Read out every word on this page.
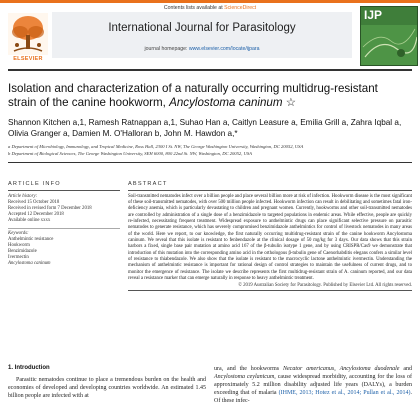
Contents lists available at ScienceDirect
ELSEVIER
International Journal for Parasitology
journal homepage: www.elsevier.com/locate/ijpara
IJP
Isolation and characterization of a naturally occurring multidrug-resistant strain of the canine hookworm, Ancylostoma caninum ☆
Shannon Kitchen a,1, Ramesh Ratnappan a,1, Suhao Han a, Caitlyn Leasure a, Emilia Grill a, Zahra Iqbal a, Olivia Granger a, Damien M. O'Halloran b, John M. Hawdon a,*
a Department of Microbiology, Immunology, and Tropical Medicine, Ross Hall, 2300 I St. NW, The George Washington University, Washington, DC 20052, USA
b Department of Biological Sciences, The George Washington University, SEH 6000, 800 22nd St. NW, Washington, DC 20052, USA
ARTICLE INFO
Article history:
Received 15 October 2018
Received in revised form 7 December 2018
Accepted 12 December 2018
Available online xxxx
Keywords:
Anthelmintic resistance
Hookworm
Benzimidazole
Ivermectin
Ancylostoma caninum
ABSTRACT
Soil-transmitted nematodes infect over a billion people and place several billion more at risk of infection. Hookworm disease is the most significant of these soil-transmitted nematodes, with over 500 million people infected. Hookworm infection can result in debilitating and sometimes fatal iron-deficiency anemia, which is particularly devastating to children and pregnant women. Currently, hookworms and other soil-transmitted nematodes are controlled by administration of a single dose of a benzimidazole to targeted populations in endemic areas. While effective, people are quickly re-infected, necessitating frequent treatment. Widespread exposure to anthelmintic drugs can place significant selective pressure on parasitic nematodes to generate resistance, which has severely compromised benzimidazole anthelmintics for control of livestock nematodes in many areas of the world. Here we report, to our knowledge, the first naturally occurring multidrug-resistant strain of the canine hookworm Ancylostoma caninum. We reveal that this isolate is resistant to fenbendazole at the clinical dosage of 50 mg/kg for 3 days. Our data shows that this strain harbors a fixed, single base pair mutation at amino acid 167 of the β-tubulin isotype 1 gene, and by using CRISPR/Cas9 we demonstrate that introduction of this mutation into the corresponding amino acid in the orthologous β-tubulin gene of Caenorhabditis elegans confers a similar level of resistance to thiabendazole. We also show that the isolate is resistant to the macrocyclic lactone anthelmintic ivermectin. Understanding the mechanism of anthelmintic resistance is important for rational design of control strategies to maintain the usefulness of current drugs, and to monitor the emergence of resistance. The isolate we describe represents the first multidrug-resistant strain of A. caninum reported, and our data reveal a resistance marker that can emerge naturally in response to heavy anthelmintic treatment.
© 2019 Australian Society for Parasitology. Published by Elsevier Ltd. All rights reserved.
1. Introduction
Parasitic nematodes continue to place a tremendous burden on the health and economies of developed and developing countries worldwide. An estimated 1.45 billion people are infected with at
ura, and the hookworms Necator americanus, Ancylostoma duodenale and Ancylostoma ceylanicum, cause widespread morbidity, accounting for the loss of approximately 5.2 million disability adjusted life years (DALYs), a burden exceeding that of malaria (IHME, 2013; Hotez et al., 2014; Pullan et al., 2014). Of these infec-
